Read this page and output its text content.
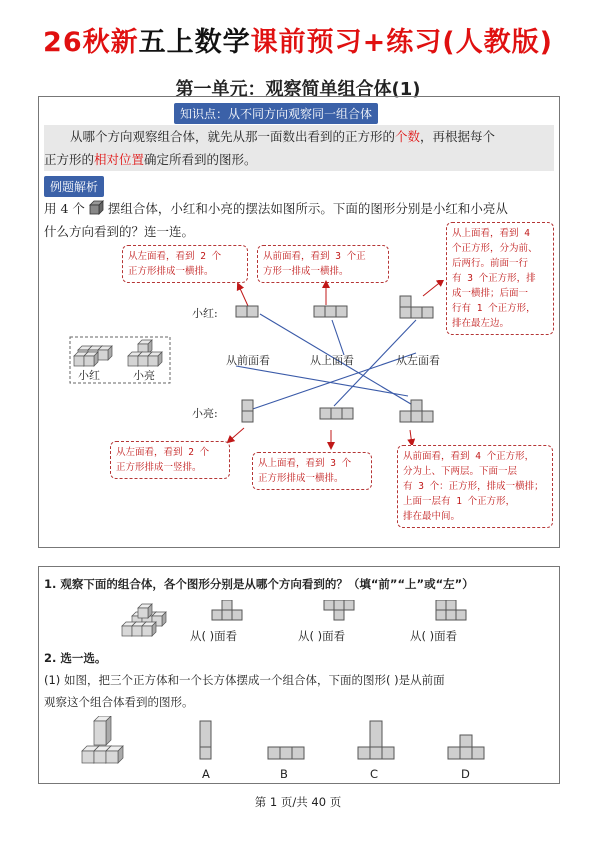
26秋新五上数学课前预习+练习(人教版)
第一单元：观察简单组合体(1)
知识点：从不同方向观察同一组合体
从哪个方向观察组合体，就先从那一面数出看到的正方形的个数，再根据每个
正方形的相对位置确定所看到的图形。
例题解析
用 4 个 摆组合体，小红和小亮的摆法如图所示。下面的图形分别是小红和小亮从
什么方向看到的？连一连。
从左面看，看到 2 个
正方形排成一横排。
从前面看，看到 3 个正
方形一排成一横排。
从上面看，看到 4
个正方形，分为前、
后两行。前面一行
有 3 个正方形，排
成一横排；后面一
行有 1 个正方形，
排在最左边。
小红:
小亮:
从前面看	从上面看	从左面看
小红	小亮
从左面看，看到 2 个
正方形排成一竖排。	从上面看，看到 3 个
正方形排成一横排。
从前面看，看到 4 个正方形，
分为上、下两层。下面一层
有 3 个：正方形，排成一横排；
上面一层有 1 个正方形，
排在最中间。
1. 观察下面的组合体，各个图形分别是从哪个方向看到的？（填“前”“上”或“左”）
从( )面看	从( )面看	从( )面看
2. 选一选。
(1) 如图，把三个正方体和一个长方体摆成一个组合体，下面的图形( )是从前面
观察这个组合体看到的图形。
A	B	C	D
第 1 页/共 40 页
